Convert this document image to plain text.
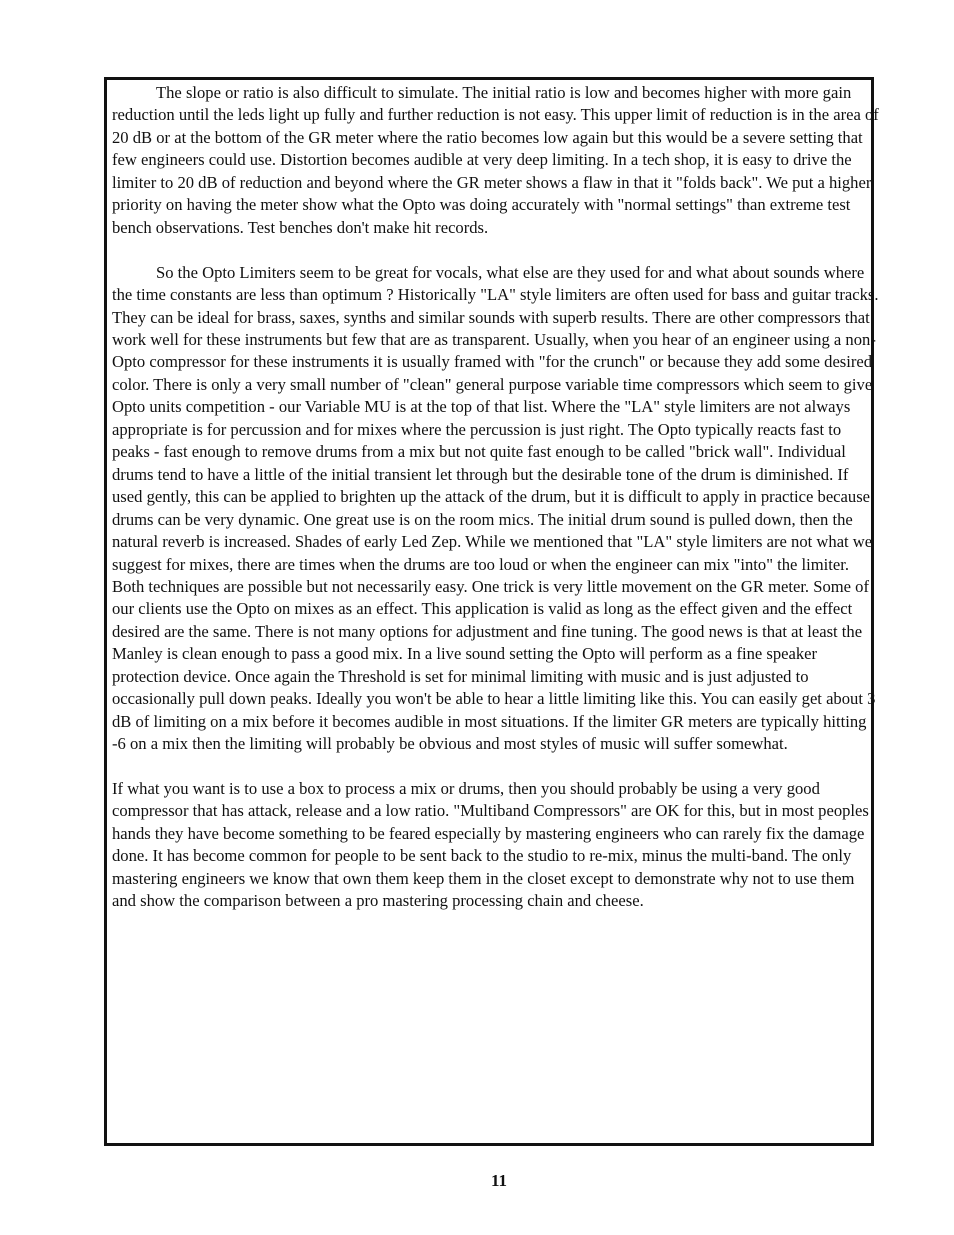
The slope or ratio is also difficult to simulate. The initial ratio is low and becomes higher with more gain reduction until the leds light up fully and further reduction is not easy. This upper limit of reduction is in the area of 20 dB or at the bottom of the GR meter where the ratio becomes low again but this would be a severe setting that few engineers could use. Distortion becomes audible at very deep limiting. In a tech shop, it is easy to drive the limiter to 20 dB of reduction and beyond where the GR meter shows a flaw in that it "folds back". We put a higher priority on having the meter show what the Opto was doing accurately with "normal settings" than extreme test bench observations. Test benches don't make hit records.

So the Opto Limiters seem to be great for vocals, what else are they used for and what about sounds where the time constants are less than optimum ? Historically "LA" style limiters are often used for bass and guitar tracks. They can be ideal for brass, saxes, synths and similar sounds with superb results. There are other compressors that work well for these instruments but few that are as transparent. Usually, when you hear of an engineer using a non-Opto compressor for these instruments it is usually framed with "for the crunch" or because they add some desired color. There is only a very small number of "clean" general purpose variable time compressors which seem to give Opto units competition - our Variable MU is at the top of that list. Where the "LA" style limiters are not always appropriate is for percussion and for mixes where the percussion is just right. The Opto typically reacts fast to peaks - fast enough to remove drums from a mix but not quite fast enough to be called "brick wall". Individual drums tend to have a little of the initial transient let through but the desirable tone of the drum is diminished. If used gently, this can be applied to brighten up the attack of the drum, but it is difficult to apply in practice because drums can be very dynamic. One great use is on the room mics. The initial drum sound is pulled down, then the natural reverb is increased. Shades of early Led Zep. While we mentioned that "LA" style limiters are not what we suggest for mixes, there are times when the drums are too loud or when the engineer can mix "into" the limiter. Both techniques are possible but not necessarily easy. One trick is very little movement on the GR meter. Some of our clients use the Opto on mixes as an effect. This application is valid as long as the effect given and the effect desired are the same. There is not many options for adjustment and fine tuning. The good news is that at least the Manley is clean enough to pass a good mix. In a live sound setting the Opto will perform as a fine speaker protection device. Once again the Threshold is set for minimal limiting with music and is just adjusted to occasionally pull down peaks. Ideally you won't be able to hear a little limiting like this. You can easily get about 3 dB of limiting on a mix before it becomes audible in most situations. If the limiter GR meters are typically hitting -6 on a mix then the limiting will probably be obvious and most styles of music will suffer somewhat.

If what you want is to use a box to process a mix or drums, then you should probably be using a very good compressor that has attack, release and a low ratio. "Multiband Compressors" are OK for this, but in most peoples hands they have become something to be feared especially by mastering engineers who can rarely fix the damage done. It has become common for people to be sent back to the studio to re-mix, minus the multi-band. The only mastering engineers we know that own them keep them in the closet except to demonstrate why not to use them and show the comparison between a pro mastering processing chain and cheese.

11
